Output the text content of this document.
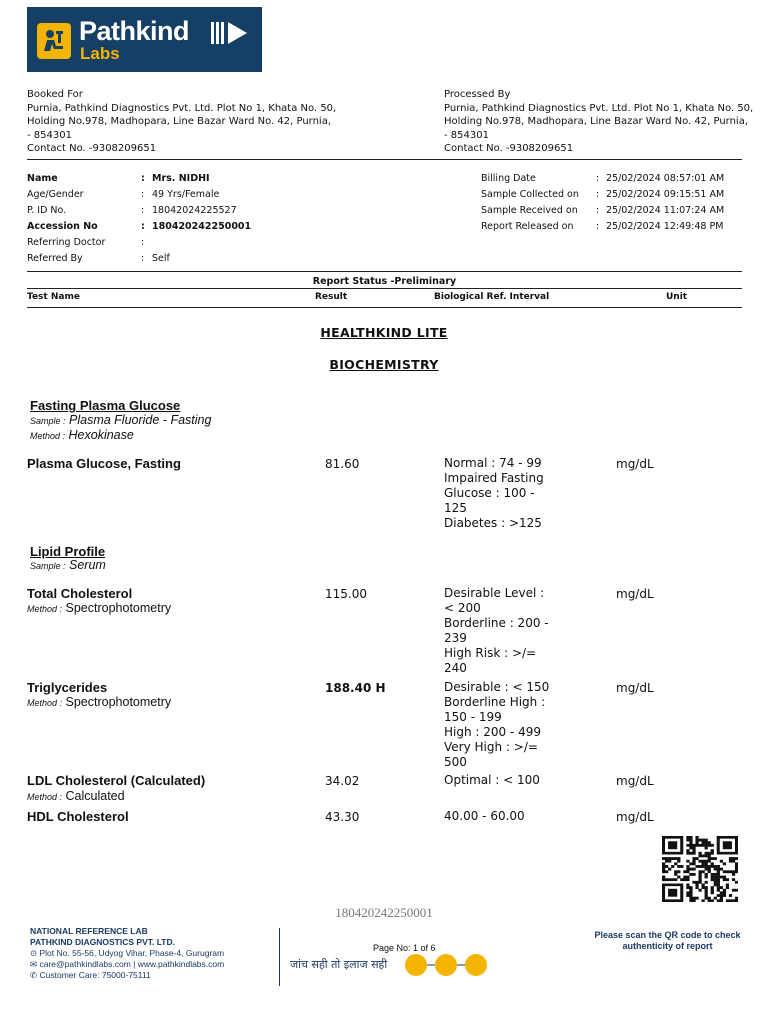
Pathkind
Labs
Booked For
Purnia, Pathkind Diagnostics Pvt. Ltd. Plot No 1, Khata No. 50,
Holding No.978, Madhopara, Line Bazar Ward No. 42, Purnia,
- 854301
Contact No. -9308209651
Processed By
Purnia, Pathkind Diagnostics Pvt. Ltd. Plot No 1, Khata No. 50,
Holding No.978, Madhopara, Line Bazar Ward No. 42, Purnia,
- 854301
Contact No. -9308209651
Name	: Mrs. NIDHI
Age/Gender	: 49 Yrs/Female
P. ID No.	: 18042024225527
Accession No	: 180420242250001
Referring Doctor	:
Referred By	: Self
Billing Date	: 25/02/2024 08:57:01 AM
Sample Collected on : 25/02/2024 09:15:51 AM
Sample Received on : 25/02/2024 11:07:24 AM
Report Released on : 25/02/2024 12:49:48 PM
Report Status -Preliminary
Test Name	Result	Biological Ref. Interval	Unit
HEALTHKIND LITE
BIOCHEMISTRY
Fasting Plasma Glucose
Sample : Plasma Fluoride - Fasting
Method : Hexokinase
Plasma Glucose, Fasting	81.60	Normal : 74 - 99
Impaired Fasting
Glucose : 100 -
125
Diabetes : >125
mg/dL
Lipid Profile
Sample : Serum
Total Cholesterol
Method : Spectrophotometry
115.00	Desirable Level :
< 200
Borderline : 200 -
239
High Risk : >/=
240
mg/dL
Triglycerides
Method : Spectrophotometry
188.40 H	Desirable : < 150
Borderline High :
150 - 199
High : 200 - 499
Very High : >/=
500
mg/dL
LDL Cholesterol (Calculated)
Method : Calculated
34.02	Optimal : < 100	mg/dL
HDL Cholesterol	43.30	40.00 - 60.00	mg/dL
180420242250001
NATIONAL REFERENCE LAB
PATHKIND DIAGNOSTICS PVT. LTD.
⊙ Plot No. 55-56, Udyog Vihar, Phase-4, Gurugram
✉ care@pathkindlabs.com | www.pathkindlabs.com
✆ Customer Care: 75000-75111
Page No: 1 of 6
जांच सही तो इलाज सही
Please scan the QR code to check authenticity of report
